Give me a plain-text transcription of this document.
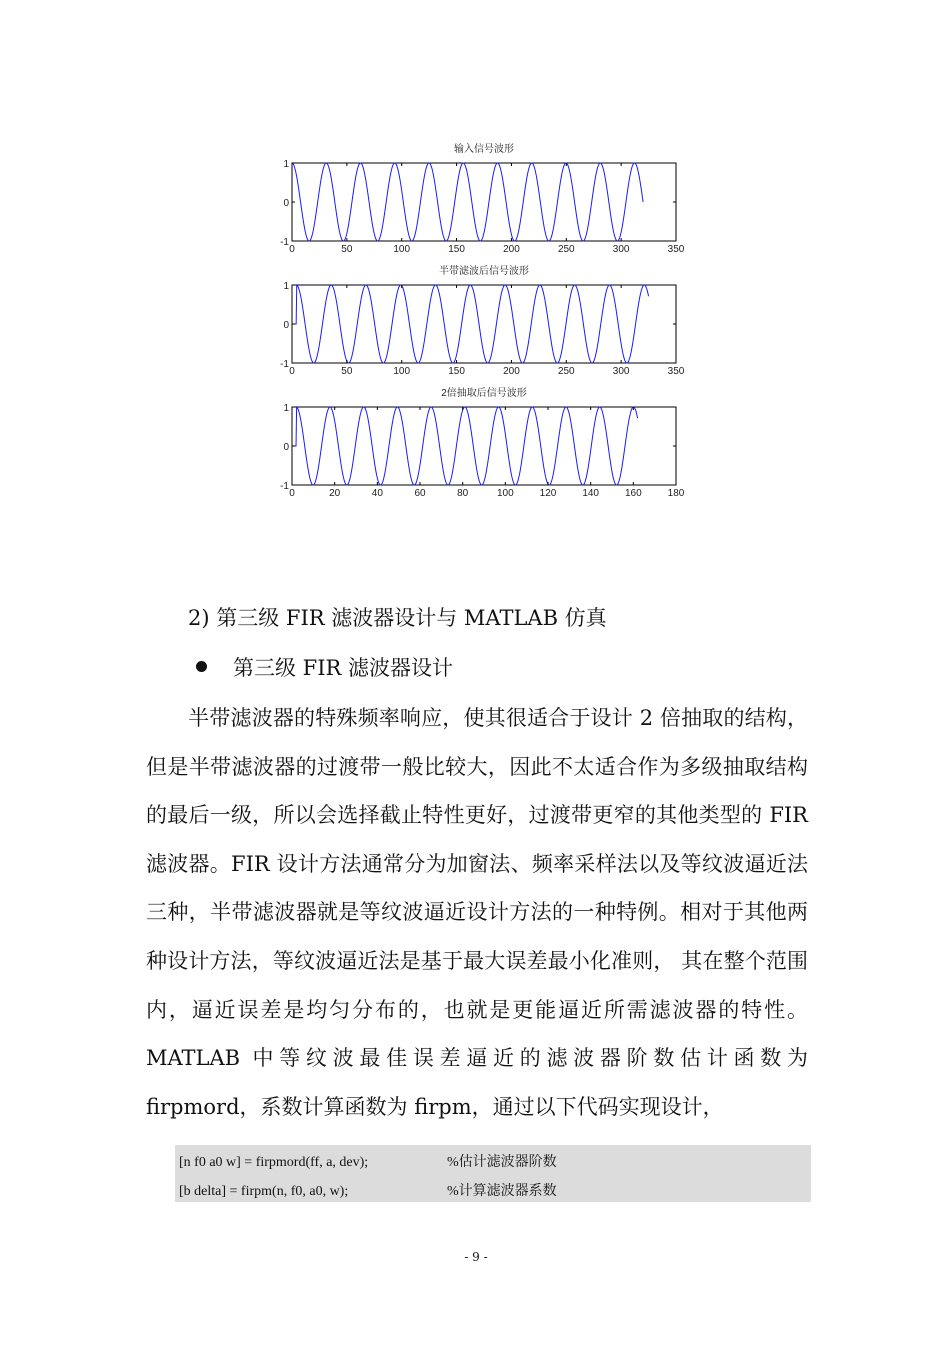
输入信号波形
0	50	100	150	200	250	300	350
-1
0
1
半带滤波后信号波形
0	50	100	150	200	250	300	350
-1
0
1
2倍抽取后信号波形
0	20	40	60	80	100	120	140	160	180
-1
0
1
2) 第三级 FIR 滤波器设计与 MATLAB 仿真
第三级 FIR 滤波器设计

半带滤波器的特殊频率响应，使其很适合于设计 2 倍抽取的结构，但是半带滤波器的过渡带一般比较大，因此不太适合作为多级抽取结构的最后一级，所以会选择截止特性更好，过渡带更窄的其他类型的 FIR 滤波器。FIR 设计方法通常分为加窗法、频率采样法以及等纹波逼近法三种，半带滤波器就是等纹波逼近设计方法的一种特例。相对于其他两种设计方法，等纹波逼近法是基于最大误差最小化准则， 其在整个范围内，逼近误差是均匀分布的，也就是更能逼近所需滤波器的特性。MATLAB 中等纹波最佳误差逼近的滤波器阶数估计函数为 firpmord，系数计算函数为 firpm，通过以下代码实现设计，

[n f0 a0 w] = firpmord(ff, a, dev);	%估计滤波器阶数
[b delta] = firpm(n, f0, a0, w);	%计算滤波器系数
- 9 -
